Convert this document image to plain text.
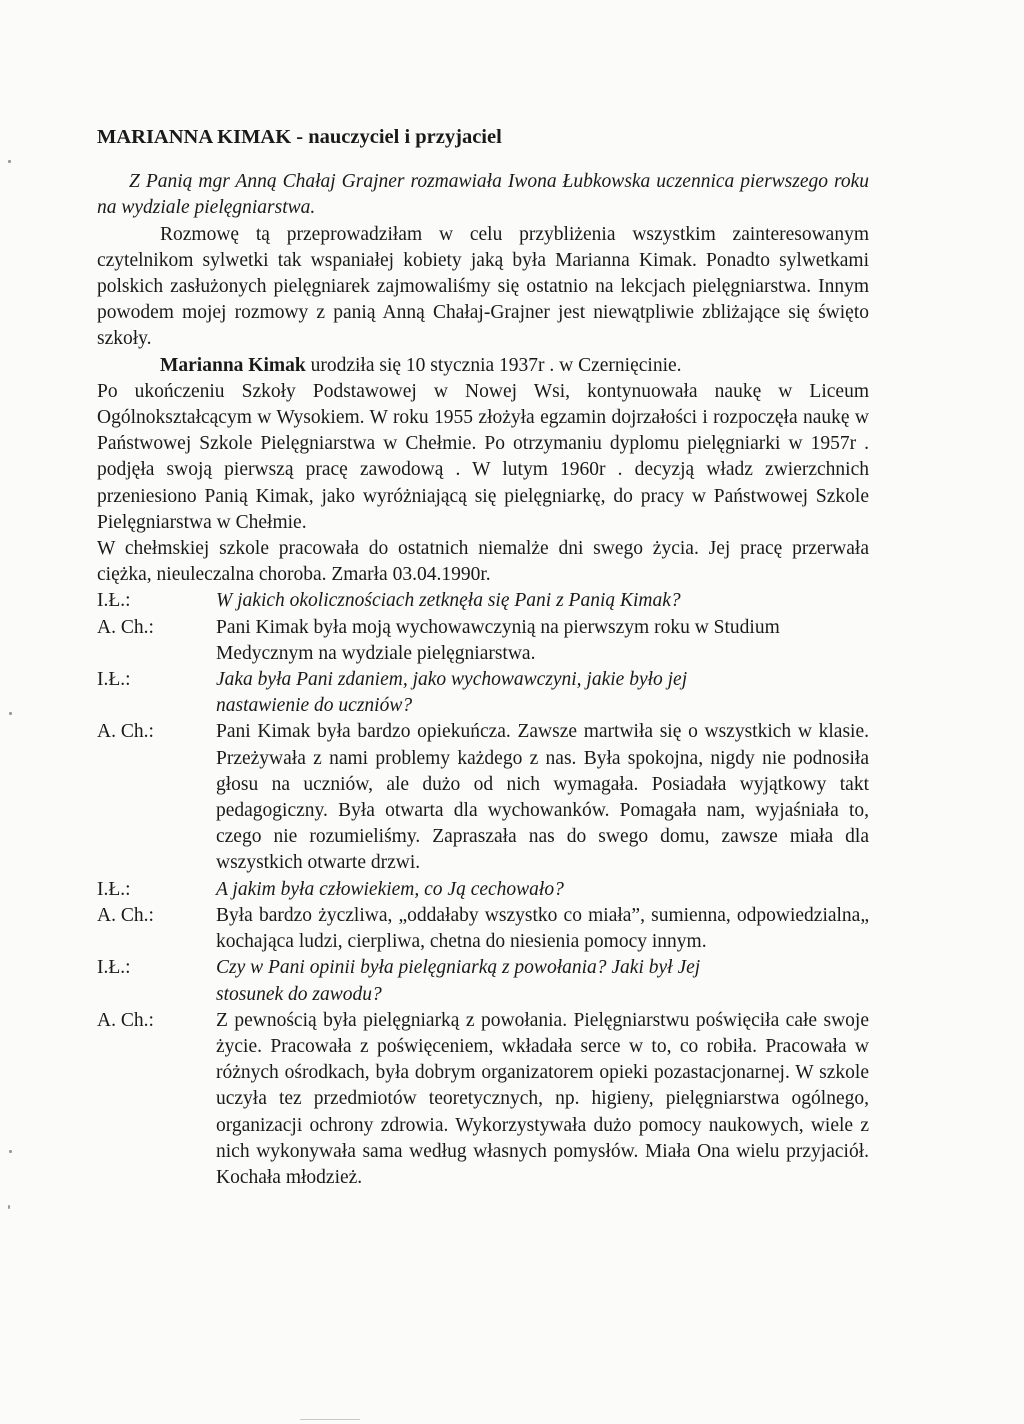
MARIANNA KIMAK - nauczyciel i przyjaciel

Z Panią mgr Anną Chałaj Grajner rozmawiała Iwona Łubkowska uczennica pierwszego roku na wydziale pielęgniarstwa.

Rozmowę tą przeprowadziłam w celu przybliżenia wszystkim zainteresowanym czytelnikom sylwetki tak wspaniałej kobiety jaką była Marianna Kimak. Ponadto sylwetkami polskich zasłużonych pielęgniarek zajmowaliśmy się ostatnio na lekcjach pielęgniarstwa. Innym powodem mojej rozmowy z panią Anną Chałaj-Grajner jest niewątpliwie zbliżające się święto szkoły.

Marianna Kimak urodziła się 10 stycznia 1937r . w Czernięcinie.

Po ukończeniu Szkoły Podstawowej w Nowej Wsi, kontynuowała naukę w Liceum Ogólnokształcącym w Wysokiem. W roku 1955 złożyła egzamin dojrzałości i rozpoczęła naukę w Państwowej Szkole Pielęgniarstwa w Chełmie. Po otrzymaniu dyplomu pielęgniarki w 1957r . podjęła swoją pierwszą pracę zawodową . W lutym 1960r . decyzją władz zwierzchnich przeniesiono Panią Kimak, jako wyróżniającą się pielęgniarkę, do pracy w Państwowej Szkole Pielęgniarstwa w Chełmie.

W chełmskiej szkole pracowała do ostatnich niemalże dni swego życia. Jej pracę przerwała ciężka, nieuleczalna choroba. Zmarła 03.04.1990r.

I.Ł.:	W jakich okolicznościach zetknęła się Pani z Panią Kimak?
A. Ch.:	Pani Kimak była moją wychowawczynią na pierwszym roku w Studium Medycznym na wydziale pielęgniarstwa.
I.Ł.:	Jaka była Pani zdaniem, jako wychowawczyni, jakie było jej nastawienie do uczniów?
A. Ch.:	Pani Kimak była bardzo opiekuńcza. Zawsze martwiła się o wszystkich w klasie. Przeżywała z nami problemy każdego z nas. Była spokojna, nigdy nie podnosiła głosu na uczniów, ale dużo od nich wymagała. Posiadała wyjątkowy takt pedagogiczny. Była otwarta dla wychowanków. Pomagała nam, wyjaśniała to, czego nie rozumieliśmy. Zapraszała nas do swego domu, zawsze miała dla wszystkich otwarte drzwi.
I.Ł.:	A jakim była człowiekiem, co Ją cechowało?
A. Ch.:	Była bardzo życzliwa, „oddałaby wszystko co miała”, sumienna, odpowiedzialna„ kochająca ludzi, cierpliwa, chetna do niesienia pomocy innym.
I.Ł.:	Czy w Pani opinii była pielęgniarką z powołania? Jaki był Jej stosunek do zawodu?
A. Ch.:	Z pewnością była pielęgniarką z powołania. Pielęgniarstwu poświęciła całe swoje życie. Pracowała z poświęceniem, wkładała serce w to, co robiła. Pracowała w różnych ośrodkach, była dobrym organizatorem opieki pozastacjonarnej. W szkole uczyła tez przedmiotów teoretycznych, np. higieny, pielęgniarstwa ogólnego, organizacji ochrony zdrowia. Wykorzystywała dużo pomocy naukowych, wiele z nich wykonywała sama według własnych pomysłów. Miała Ona wielu przyjaciół. Kochała młodzież.
